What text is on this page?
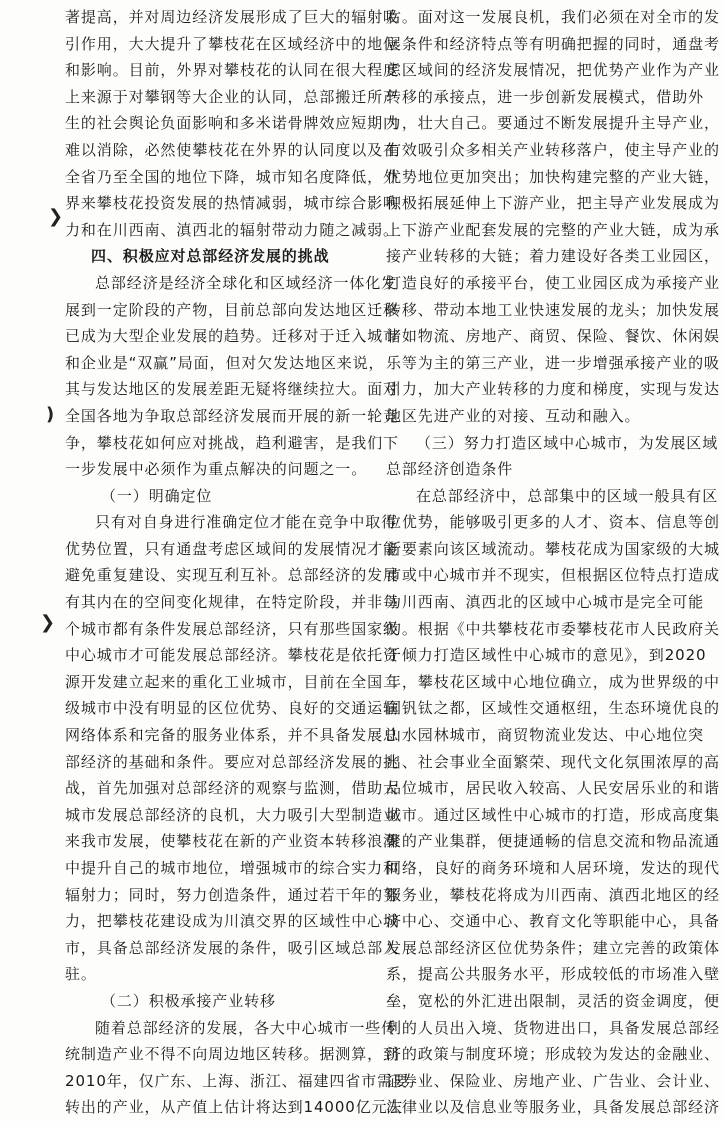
❯
)
❯
著提高，并对周边经济发展形成了巨大的辐射吸
引作用，大大提升了攀枝花在区域经济中的地位
和影响。目前，外界对攀枝花的认同在很大程度
上来源于对攀钢等大企业的认同，总部搬迁所产
生的社会舆论负面影响和多米诺骨牌效应短期内
难以消除，必然使攀枝花在外界的认同度以及在
全省乃至全国的地位下降，城市知名度降低，外
界来攀枝花投资发展的热情减弱，城市综合影响
力和在川西南、滇西北的辐射带动力随之减弱。
四、积极应对总部经济发展的挑战
总部经济是经济全球化和区域经济一体化发
展到一定阶段的产物，目前总部向发达地区迁移
已成为大型企业发展的趋势。迁移对于迁入城市
和企业是“双赢”局面，但对欠发达地区来说，
其与发达地区的发展差距无疑将继续拉大。面对
全国各地为争取总部经济发展而开展的新一轮竞
争，攀枝花如何应对挑战，趋利避害，是我们下
一步发展中必须作为重点解决的问题之一。
（一）明确定位
只有对自身进行准确定位才能在竞争中取得
优势位置，只有通盘考虑区域间的发展情况才能
避免重复建设、实现互利互补。总部经济的发展
有其内在的空间变化规律，在特定阶段，并非每
个城市都有条件发展总部经济，只有那些国家级
中心城市才可能发展总部经济。攀枝花是依托资
源开发建立起来的重化工业城市，目前在全国二
级城市中没有明显的区位优势、良好的交通运输
网络体系和完备的服务业体系，并不具备发展总
部经济的基础和条件。要应对总部经济发展的挑
战，首先加强对总部经济的观察与监测，借助大
城市发展总部经济的良机，大力吸引大型制造业
来我市发展，使攀枝花在新的产业资本转移浪潮
中提升自己的城市地位，增强城市的综合实力和
辐射力；同时，努力创造条件，通过若干年的努
力，把攀枝花建设成为川滇交界的区域性中心城
市，具备总部经济发展的条件，吸引区域总部入
驻。
（二）积极承接产业转移
随着总部经济的发展，各大中心城市一些传
统制造产业不得不向周边地区转移。据测算，到
2010年，仅广东、上海、浙江、福建四省市需要
转出的产业，从产值上估计将达到14000亿元左
右。面对这一发展良机，我们必须在对全市的发
展条件和经济特点等有明确把握的同时，通盘考
虑区域间的经济发展情况，把优势产业作为产业
转移的承接点，进一步创新发展模式，借助外
力，壮大自己。要通过不断发展提升主导产业，
有效吸引众多相关产业转移落户，使主导产业的
优势地位更加突出；加快构建完整的产业大链，
积极拓展延伸上下游产业，把主导产业发展成为
上下游产业配套发展的完整的产业大链，成为承
接产业转移的大链；着力建设好各类工业园区，
打造良好的承接平台，使工业园区成为承接产业
转移、带动本地工业快速发展的龙头；加快发展
诸如物流、房地产、商贸、保险、餐饮、休闲娱
乐等为主的第三产业，进一步增强承接产业的吸
引力，加大产业转移的力度和梯度，实现与发达
地区先进产业的对接、互动和融入。
（三）努力打造区域中心城市，为发展区域
总部经济创造条件
在总部经济中，总部集中的区域一般具有区
位优势，能够吸引更多的人才、资本、信息等创
新要素向该区域流动。攀枝花成为国家级的大城
市或中心城市并不现实，但根据区位特点打造成
为川西南、滇西北的区域中心城市是完全可能
的。根据《中共攀枝花市委攀枝花市人民政府关
于倾力打造区域性中心城市的意见》，到2020
年，攀枝花区域中心地位确立，成为世界级的中
国钒钛之都，区域性交通枢纽，生态环境优良的
山水园林城市，商贸物流业发达、中心地位突
出、社会事业全面繁荣、现代文化氛围浓厚的高
品位城市，居民收入较高、人民安居乐业的和谐
城市。通过区域性中心城市的打造，形成高度集
聚的产业集群，便捷通畅的信息交流和物品流通
网络，良好的商务环境和人居环境，发达的现代
服务业，攀枝花将成为川西南、滇西北地区的经
济中心、交通中心、教育文化等职能中心，具备
发展总部经济区位优势条件；建立完善的政策体
系，提高公共服务水平，形成较低的市场准入壁
垒，宽松的外汇进出限制，灵活的资金调度，便
利的人员出入境、货物进出口，具备发展总部经
济的政策与制度环境；形成较为发达的金融业、
证券业、保险业、房地产业、广告业、会计业、
法律业以及信息业等服务业，具备发展总部经济
